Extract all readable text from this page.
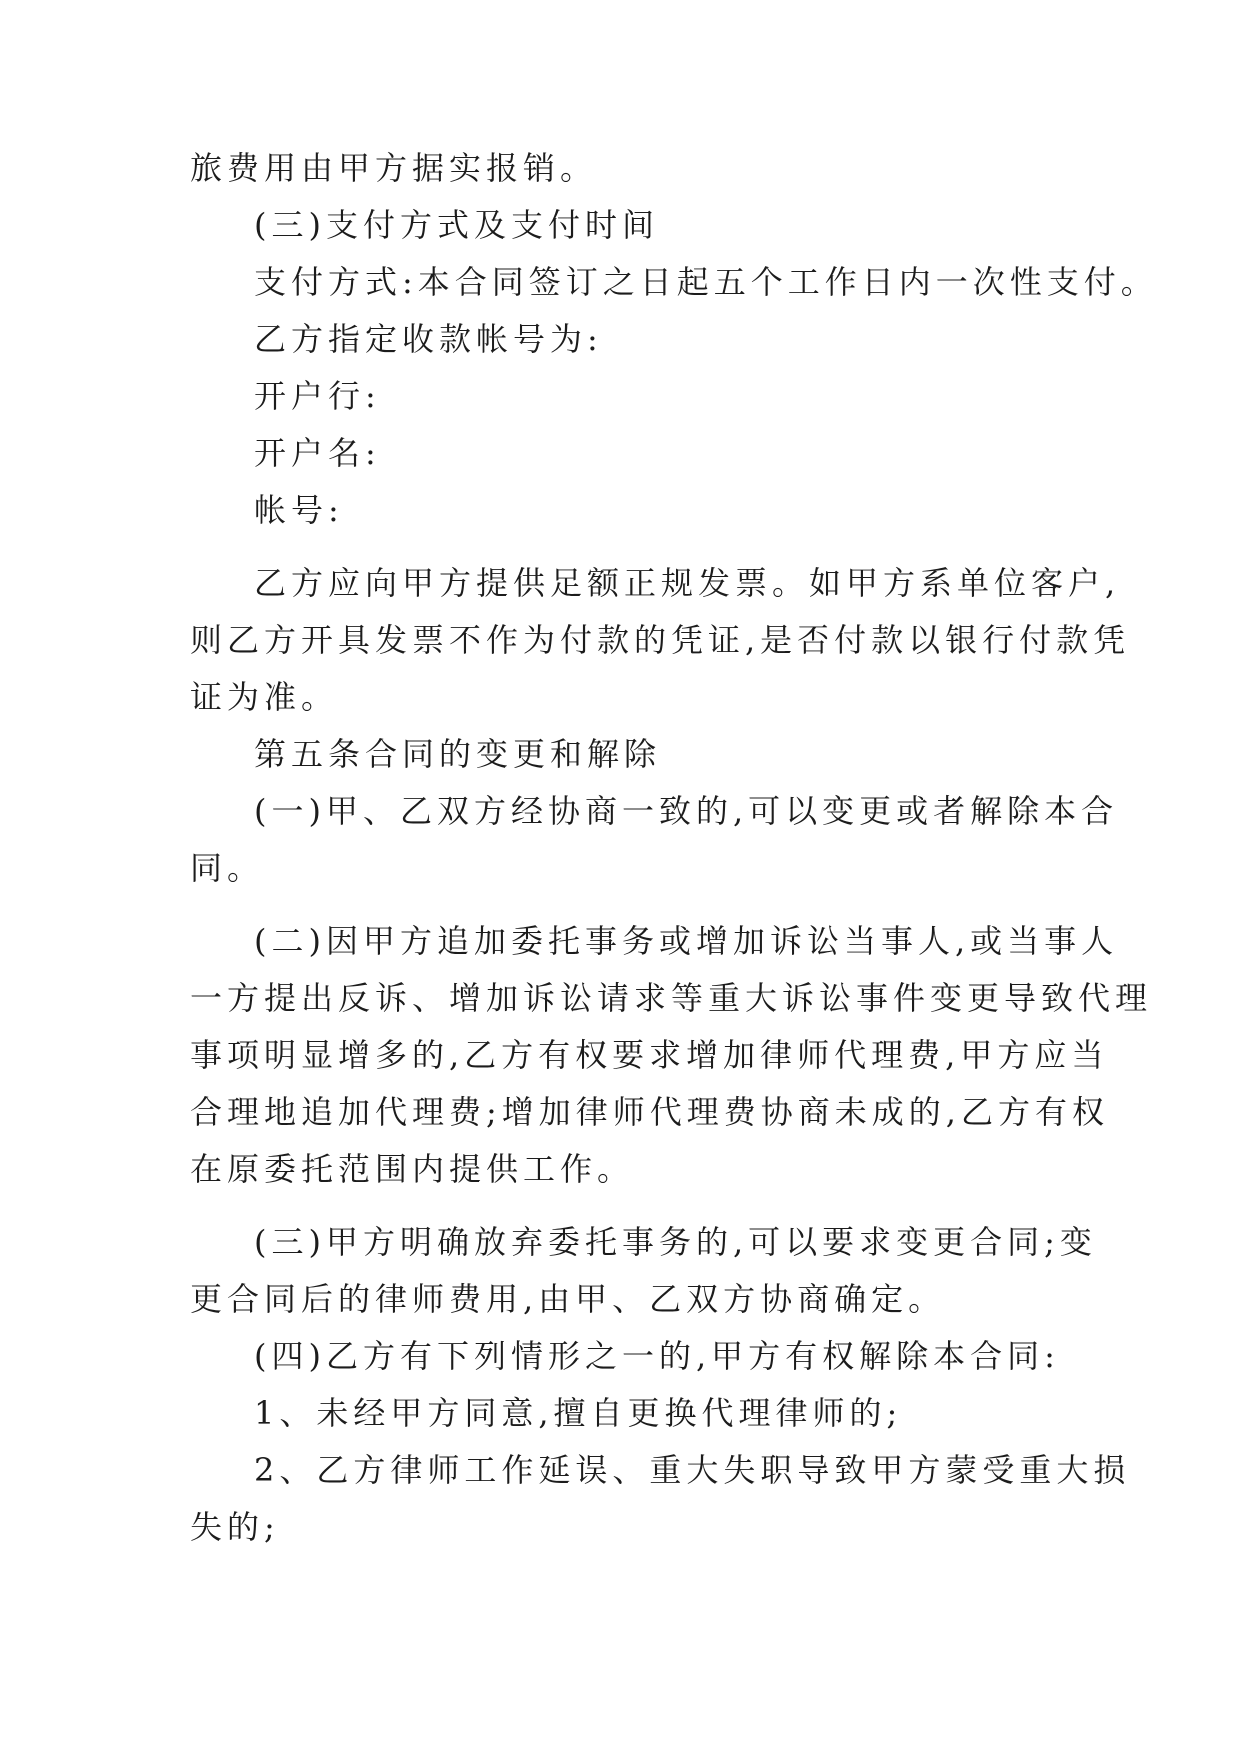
旅费用由甲方据实报销。
(三)支付方式及支付时间
支付方式:本合同签订之日起五个工作日内一次性支付。
乙方指定收款帐号为:
开户行:
开户名:
帐号:
乙方应向甲方提供足额正规发票。如甲方系单位客户,
则乙方开具发票不作为付款的凭证,是否付款以银行付款凭
证为准。
第五条合同的变更和解除
(一)甲、乙双方经协商一致的,可以变更或者解除本合
同。
(二)因甲方追加委托事务或增加诉讼当事人,或当事人
一方提出反诉、增加诉讼请求等重大诉讼事件变更导致代理
事项明显增多的,乙方有权要求增加律师代理费,甲方应当
合理地追加代理费;增加律师代理费协商未成的,乙方有权
在原委托范围内提供工作。
(三)甲方明确放弃委托事务的,可以要求变更合同;变
更合同后的律师费用,由甲、乙双方协商确定。
(四)乙方有下列情形之一的,甲方有权解除本合同:
1、未经甲方同意,擅自更换代理律师的;
2、乙方律师工作延误、重大失职导致甲方蒙受重大损
失的;
